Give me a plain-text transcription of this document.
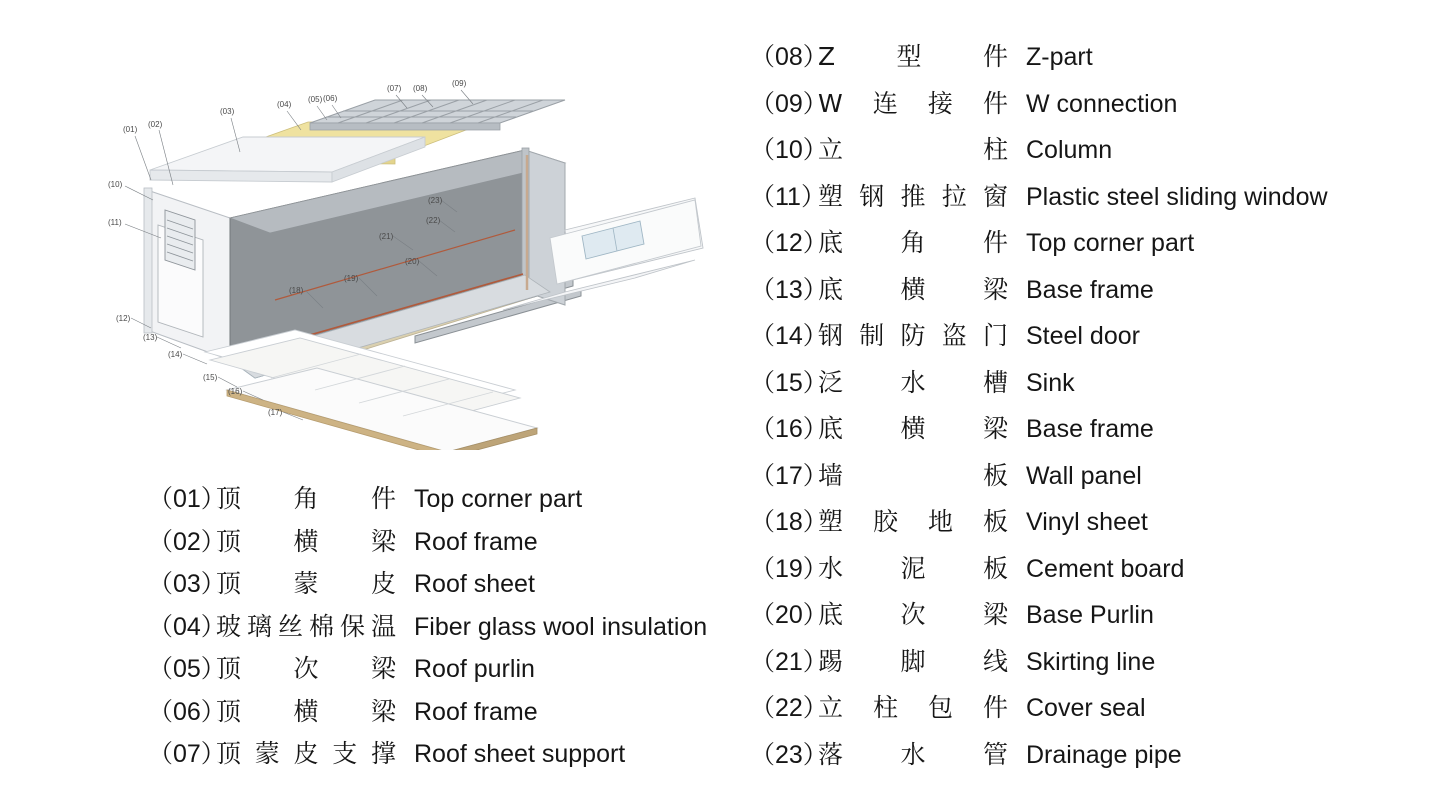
(01)
(02)
(03)
(04)
(05) (06)
(07) (08)
(09)
(10)
(11)
(12)
(13)
(14)
(15)
(16)
(17)
(18)
(19)
(20)
(21)
(22)
(23)
（01）
顶角件 Top corner part
（02）
顶横梁 Roof frame
（03）
顶蒙皮 Roof sheet
（04）
玻璃丝棉保温 Fiber glass wool insulation
（05）
顶次梁 Roof purlin
（06）
顶横梁 Roof frame
（07）
顶蒙皮支撑 Roof sheet support
（08）
Z型件 Z-part
（09）
W连接件 W connection
（10）
立柱 Column
（11）
塑钢推拉窗 Plastic steel sliding window
（12）
底角件 Top corner part
（13）
底横梁 Base frame
（14）
钢制防盗门 Steel door
（15）
泛水槽 Sink
（16）
底横梁 Base frame
（17）
墙板 Wall panel
（18）
塑胶地板 Vinyl sheet
（19）
水泥板 Cement board
（20）
底次梁 Base Purlin
（21）
踢脚线 Skirting line
（22）
立柱包件 Cover seal
（23）
落水管 Drainage pipe
